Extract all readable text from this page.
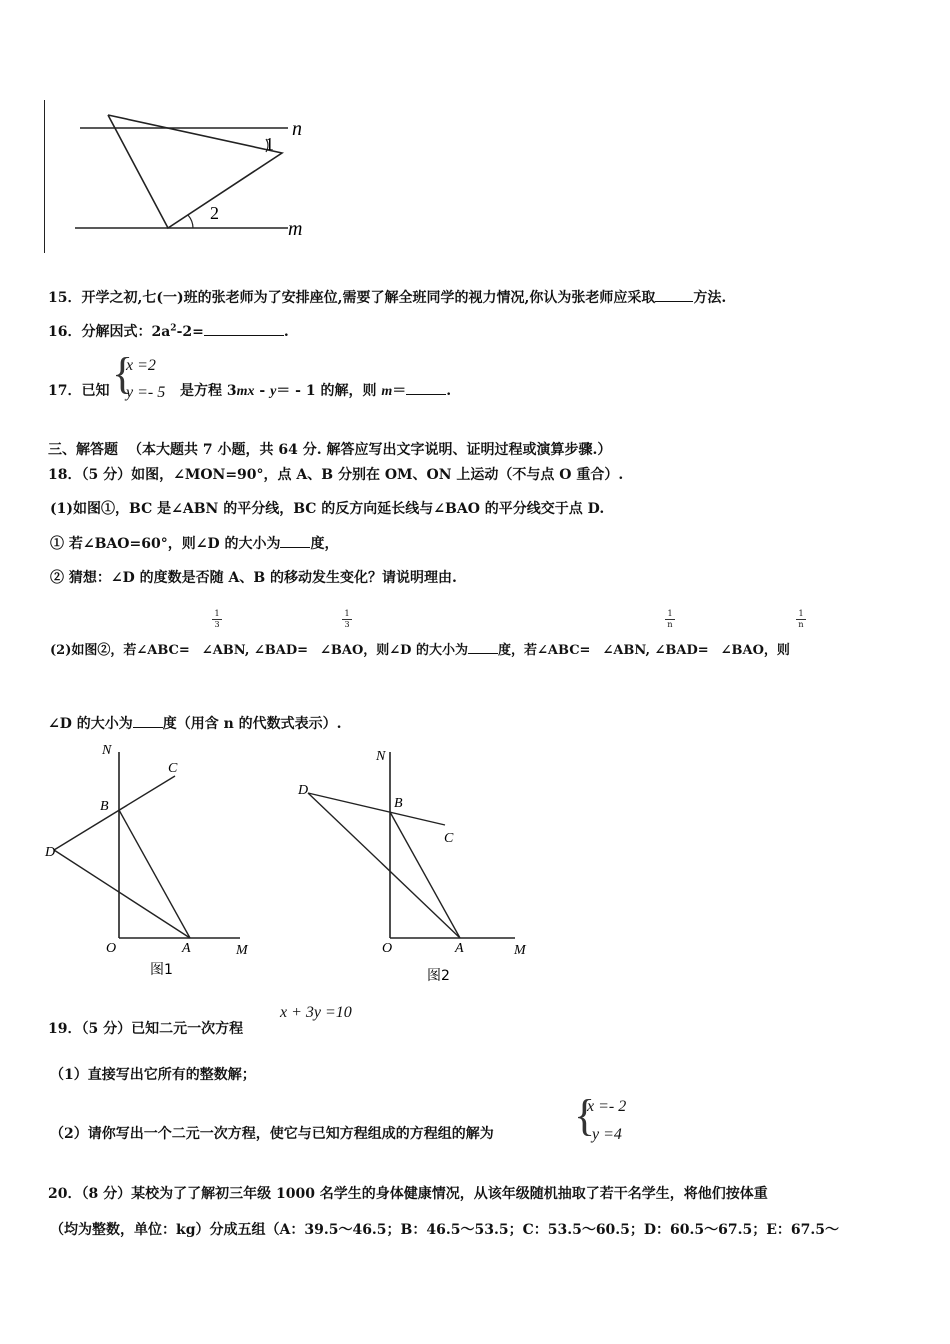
n
m
1
2
15．开学之初,七(一)班的张老师为了安排座位,需要了解全班同学的视力情况,你认为张老师应采取	方法.
16．分解因式：$2a^2-2=$	.
17．已知 {
x =2
y =- 5 是方程 3mx - y＝ - 1 的解，则 m＝	.
三、解答题 （本大题共 7 小题，共 64 分. 解答应写出文字说明、证明过程或演算步骤.）
18．（5 分）如图，∠MON=90°，点 A、B 分别在 OM、ON 上运动（不与点 O 重合）.
(1)如图①，BC 是∠ABN 的平分线，BC 的反方向延长线与∠BAO 的平分线交于点 D.
① 若∠BAO=60°，则∠D 的大小为 度，
② 猜想：∠D 的度数是否随 A、B 的移动发生变化？请说明理由.
(2)如图②，若∠ABC= ∠ABN, ∠BAD= ∠BAO，则∠D 的大小为 度，若∠ABC= ∠ABN, ∠BAD= ∠BAO，则
1
3
1
3
1
n
1
n
∠D 的大小为 度（用含 n 的代数式表示）.
N
C
B
D
O	A	M
图1
N
D
B
C
O	A	M
图2
19．（5 分）已知二元一次方程
x + 3y =10
（1）直接写出它所有的整数解；
（2）请你写出一个二元一次方程，使它与已知方程组成的方程组的解为 {
x =- 2
y =4
20．（8 分）某校为了了解初三年级 1000 名学生的身体健康情况，从该年级随机抽取了若干名学生，将他们按体重
（均为整数，单位：kg）分成五组（A：39.5～46.5；B：46.5～53.5；C：53.5～60.5；D：60.5～67.5；E：67.5～
